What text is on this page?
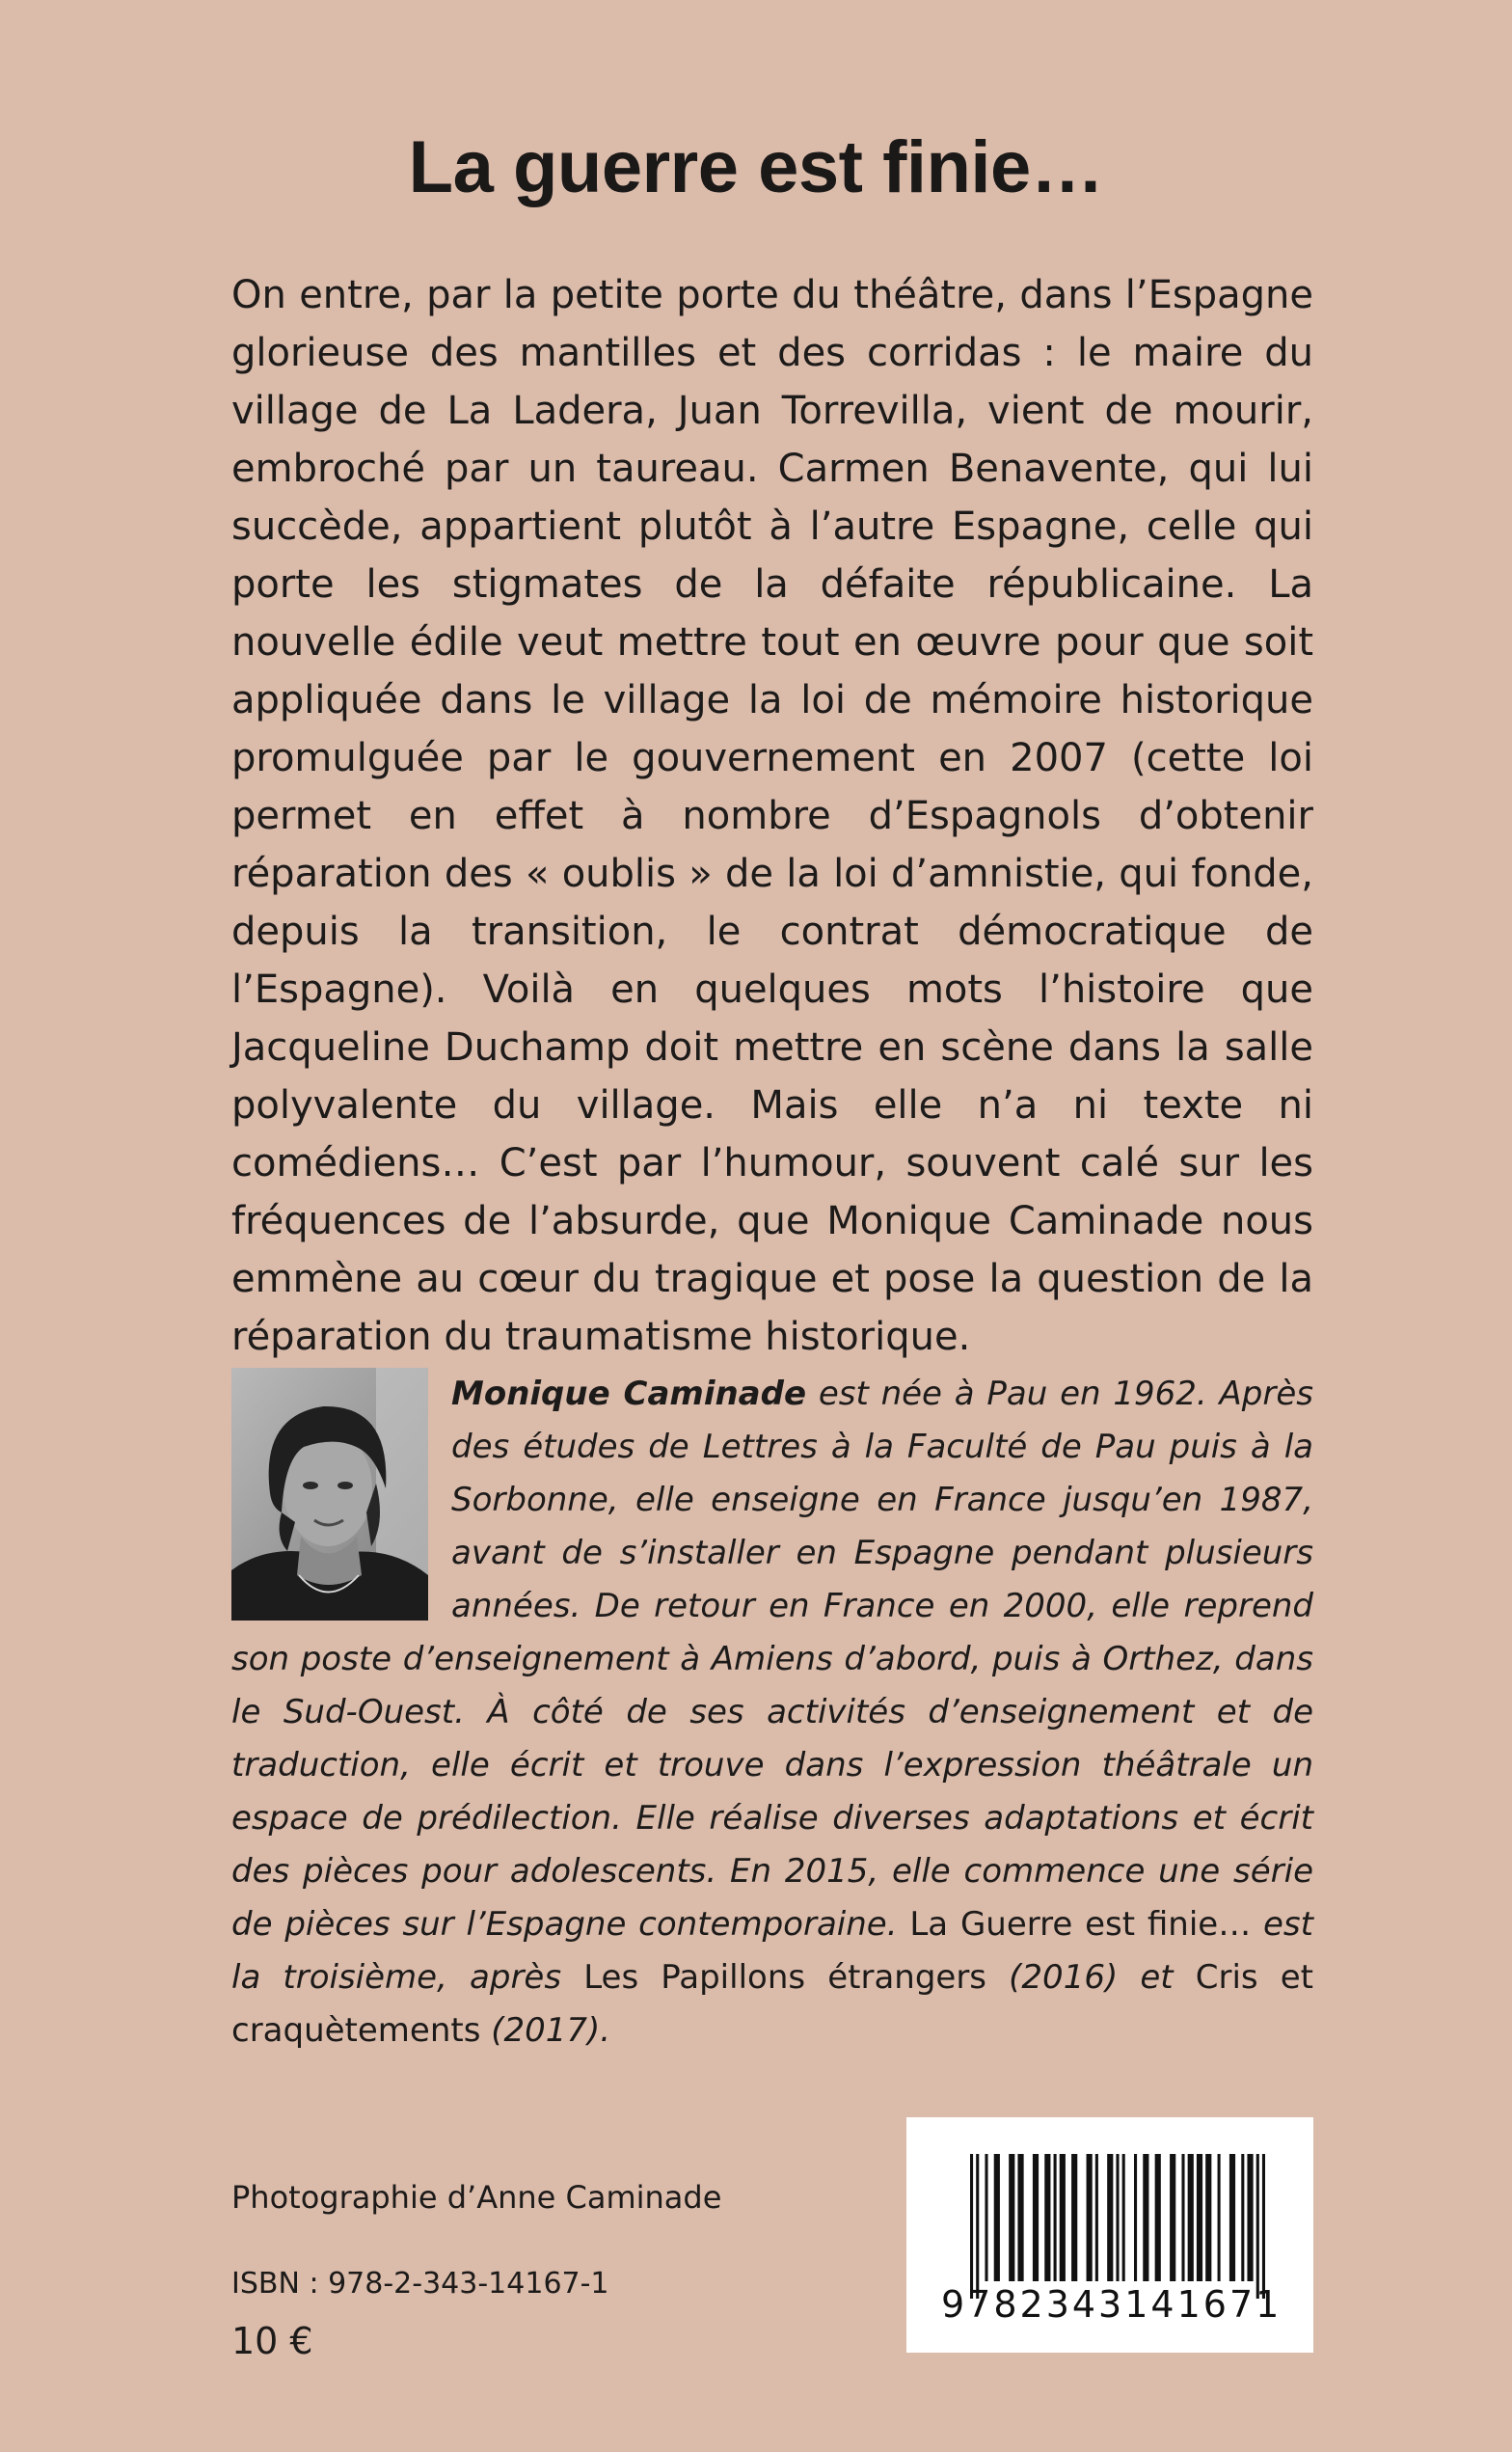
La guerre est finie…

On entre, par la petite porte du théâtre, dans l’Espagne glorieuse des mantilles et des corridas : le maire du village de La Ladera, Juan Torrevilla, vient de mourir, embroché par un taureau. Carmen Benavente, qui lui succède, appartient plutôt à l’autre Espagne, celle qui porte les stigmates de la défaite républicaine. La nouvelle édile veut mettre tout en œuvre pour que soit appliquée dans le village la loi de mémoire historique promulguée par le gouvernement en 2007 (cette loi permet en effet à nombre d’Espagnols d’obtenir réparation des « oublis » de la loi d’amnistie, qui fonde, depuis la transition, le contrat démocratique de l’Espagne). Voilà en quelques mots l’histoire que Jacqueline Duchamp doit mettre en scène dans la salle polyvalente du village. Mais elle n’a ni texte ni comédiens… C’est par l’humour, souvent calé sur les fréquences de l’absurde, que Monique Caminade nous emmène au cœur du tragique et pose la question de la réparation du traumatisme historique.

Monique Caminade est née à Pau en 1962. Après des études de Lettres à la Faculté de Pau puis à la Sorbonne, elle enseigne en France jusqu’en 1987, avant de s’installer en Espagne pendant plusieurs années. De retour en France en 2000, elle reprend son poste d’enseignement à Amiens d’abord, puis à Orthez, dans le Sud-Ouest. À côté de ses activités d’enseignement et de traduction, elle écrit et trouve dans l’expression théâtrale un espace de prédilection. Elle réalise diverses adaptations et écrit des pièces pour adolescents. En 2015, elle commence une série de pièces sur l’Espagne contemporaine. La Guerre est finie… est la troisième, après Les Papillons étrangers (2016) et Cris et craquètements (2017).
Photographie d’Anne Caminade
ISBN : 978-2-343-14167-1
10 €
9782343141671
